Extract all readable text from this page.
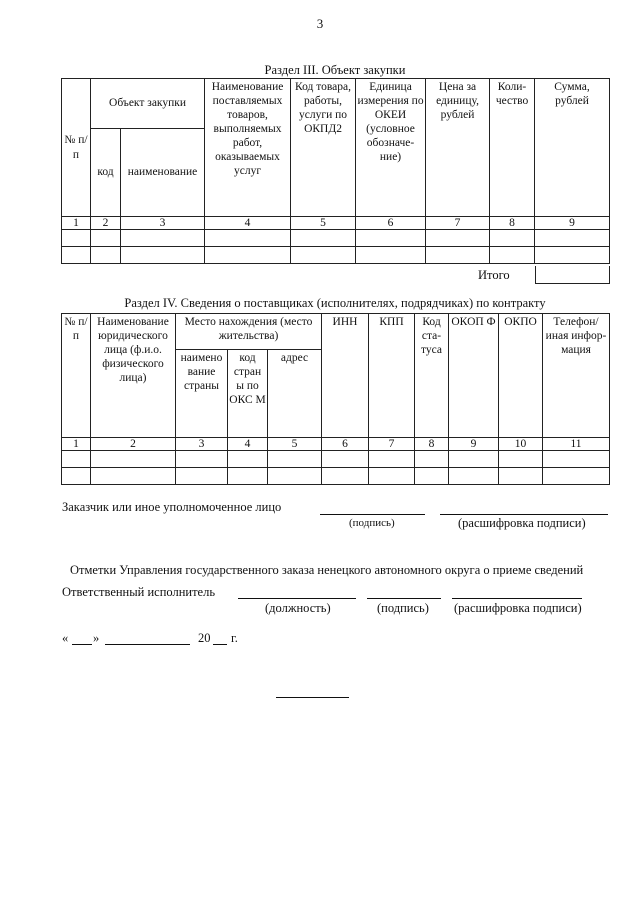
3
Раздел III. Объект закупки
№ п/п	Объект закупки		Наименование поставляемых товаров, выполняемых работ, оказываемых услуг	Код товара, работы, услуги по ОКПД2	Единица измерения по ОКЕИ (условное обозначе-ние)	Цена за единицу, рублей	Коли-чество	Сумма, рублей
	код	наименование						
1	2	3	4	5	6	7	8	9

Итого
Раздел IV. Сведения о поставщиках (исполнителях, подрядчиках) по контракту
№ п/п	Наименование юридического лица (ф.и.о. физического лица)	Место нахождения (место жительства)			ИНН	КПП	Код ста-туса	ОКОП Ф	ОКПО	Телефон/иная инфор-мация
		наимено вание страны	код стран ы по ОКС М	адрес						
1	2	3	4	5	6	7	8	9	10	11

Заказчик или иное уполномоченное лицо
(подпись)	(расшифровка подписи)
Отметки Управления государственного заказа ненецкого автономного округа о приеме сведений
Ответственный исполнитель
(должность)	(подпись) (расшифровка подписи)
« »	20 г.
